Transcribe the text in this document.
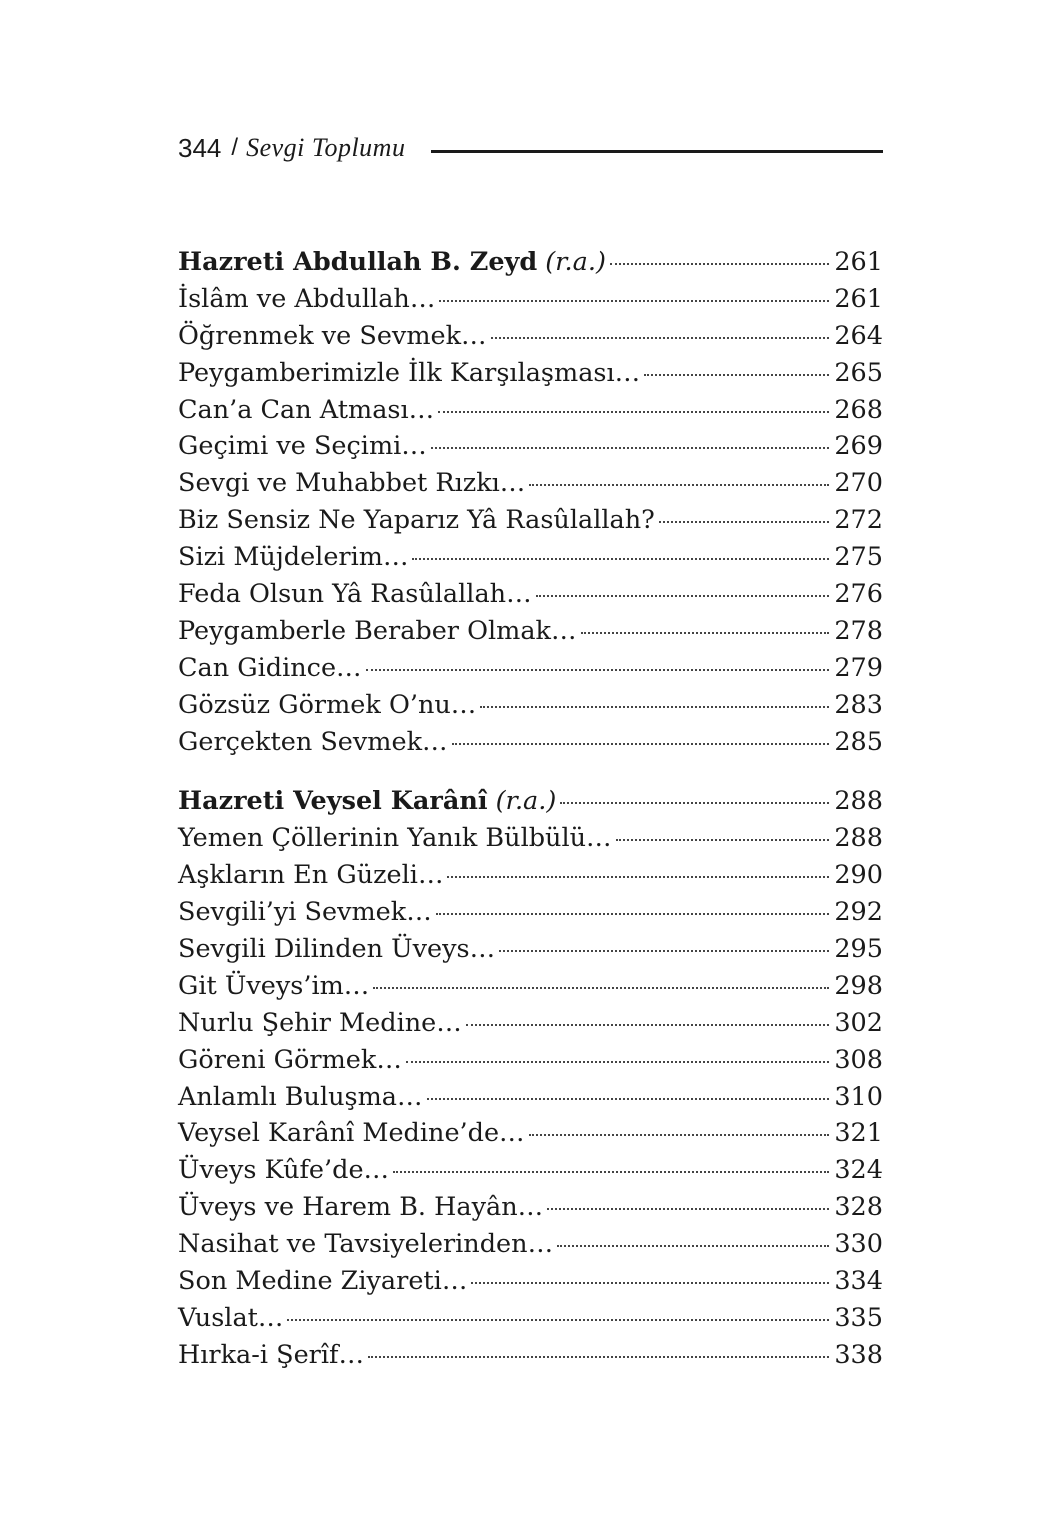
344 / Sevgi Toplumu
Hazreti Abdullah B. Zeyd (r.a.)	261
İslâm ve Abdullah…	261
Öğrenmek ve Sevmek…	264
Peygamberimizle İlk Karşılaşması…	265
Can’a Can Atması…	268
Geçimi ve Seçimi…	269
Sevgi ve Muhabbet Rızkı…	270
Biz Sensiz Ne Yaparız Yâ Rasûlallah?	272
Sizi Müjdelerim…	275
Feda Olsun Yâ Rasûlallah…	276
Peygamberle Beraber Olmak…	278
Can Gidince…	279
Gözsüz Görmek O’nu…	283
Gerçekten Sevmek…	285
Hazreti Veysel Karânî (r.a.)	288
Yemen Çöllerinin Yanık Bülbülü…	288
Aşkların En Güzeli…	290
Sevgili’yi Sevmek…	292
Sevgili Dilinden Üveys…	295
Git Üveys’im…	298
Nurlu Şehir Medine…	302
Göreni Görmek…	308
Anlamlı Buluşma…	310
Veysel Karânî Medine’de…	321
Üveys Kûfe’de…	324
Üveys ve Harem B. Hayân…	328
Nasihat ve Tavsiyelerinden…	330
Son Medine Ziyareti…	334
Vuslat…	335
Hırka-i Şerîf…	338
